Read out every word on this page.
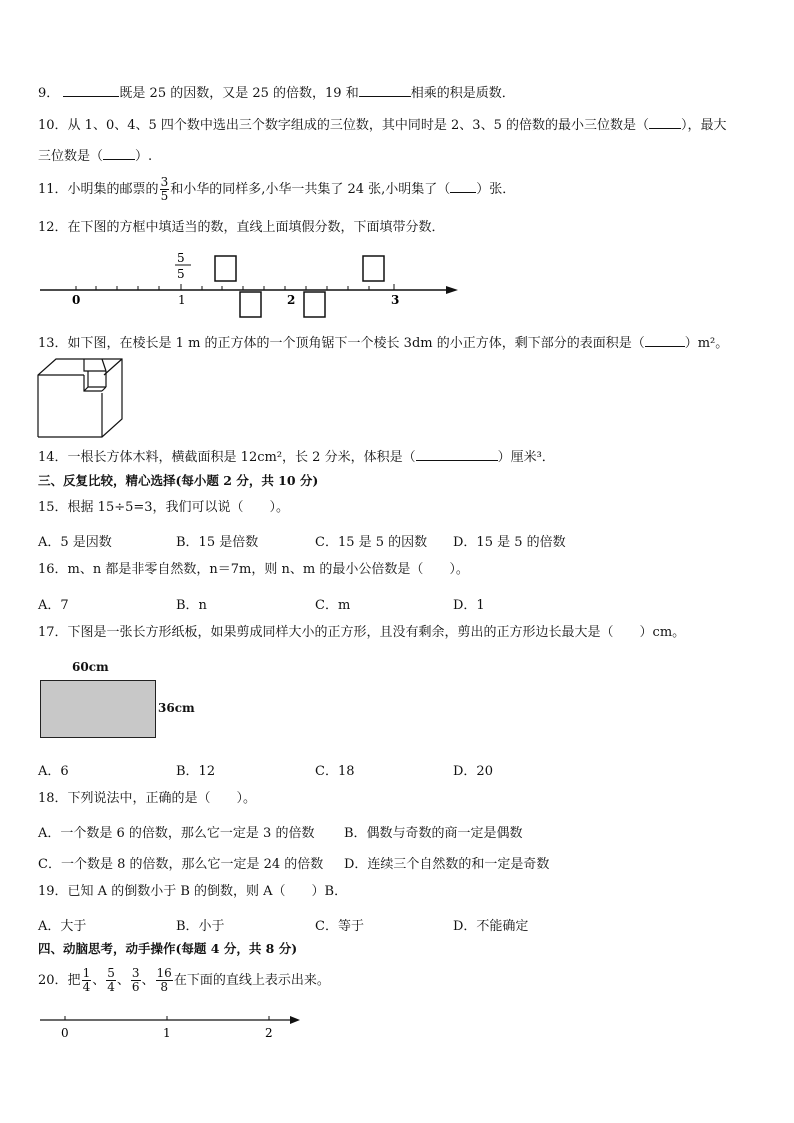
9．	既是 25 的因数，又是 25 的倍数，19 和	相乘的积是质数．
10．从 1、0、4、5 四个数中选出三个数字组成的三位数，其中同时是 2、3、5 的倍数的最小三位数是（ ），最大
三位数是（ ）.
11．小明集的邮票的 $\frac{3}{5}$ 和小华的同样多,小华一共集了 24 张,小明集了（ ）张．
12．在下图的方框中填适当的数，直线上面填假分数，下面填带分数．
0	1	2	3
5
5
13．如下图，在棱长是 1 m 的正方体的一个顶角锯下一个棱长 3dm 的小正方体，剩下部分的表面积是（	）m²。
14．一根长方体木料，横截面积是 12cm²，长 2 分米，体积是（	）厘米³．
三、反复比较，精心选择(每小题 2 分，共 10 分)
15．根据 15÷5=3，我们可以说（　　）。
A．5 是因数	B．15 是倍数	C．15 是 5 的因数 D．15 是 5 的倍数
16．m、n 都是非零自然数，n＝7m，则 n、m 的最小公倍数是（　　）。
A．7	B．n	C．m	D．1
17．下图是一张长方形纸板，如果剪成同样大小的正方形，且没有剩余，剪出的正方形边长最大是（　　）cm。
60cm
36cm
A．6	B．12	C．18	D．20
18．下列说法中，正确的是（　　）。
A．一个数是 6 的倍数，那么它一定是 3 的倍数 B．偶数与奇数的商一定是偶数
C．一个数是 8 的倍数，那么它一定是 24 的倍数 D．连续三个自然数的和一定是奇数
19．已知 A 的倒数小于 B 的倒数，则 A（　　）B．
A．大于	B．小于	C．等于	D．不能确定
四、动脑思考，动手操作(每题 4 分，共 8 分)
20．把 $\frac{1}{4}$ 、 $\frac{5}{4}$ 、 $\frac{3}{6}$ 、 $\frac{16}{8}$ 在下面的直线上表示出来。
0	1	2
